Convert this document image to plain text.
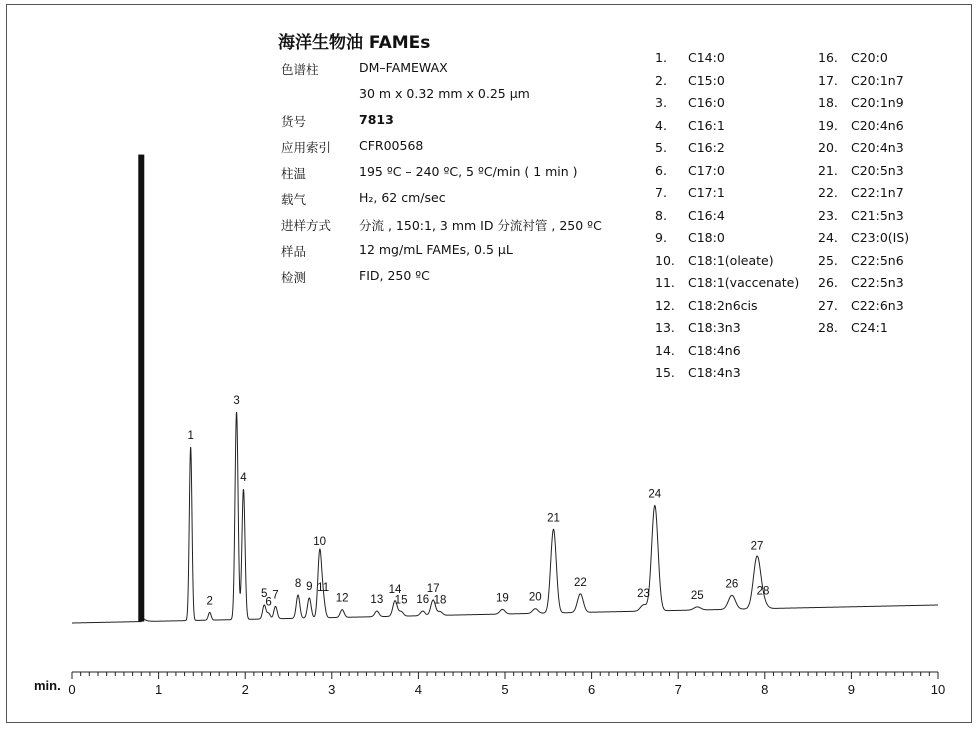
0	1	2	3	4	5	6	7	8	9	10
1
2
3
4
5
6
7
8 9
10
11
12 13
14
15 16
17
18	19 20
21
22
23
24
25
26
27
28
海洋生物油 FAMEs
色谱柱	DM–FAMEWAX
30 m x 0.32 mm x 0.25 µm
货号	7813
应用索引	CFR00568
柱温	195 ºC – 240 ºC, 5 ºC/min ( 1 min )
载气	H₂, 62 cm/sec
进样方式	分流 , 150:1, 3 mm ID 分流衬管 , 250 ºC
样品	12 mg/mL FAMEs, 0.5 µL
检测	FID, 250 ºC
1. C14:0
2. C15:0
3. C16:0
4. C16:1
5. C16:2
6. C17:0
7. C17:1
8. C16:4
9. C18:0
10. C18:1(oleate)
11. C18:1(vaccenate)
12. C18:2n6cis
13. C18:3n3
14. C18:4n6
15. C18:4n3
16. C20:0
17. C20:1n7
18. C20:1n9
19. C20:4n6
20. C20:4n3
21. C20:5n3
22. C22:1n7
23. C21:5n3
24. C23:0(IS)
25. C22:5n6
26. C22:5n3
27. C22:6n3
28. C24:1
min.
